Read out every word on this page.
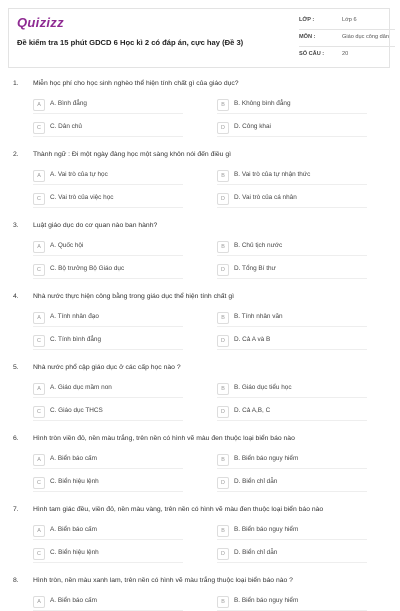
Quizizz
Đề kiểm tra 15 phút GDCD 6 Học kì 2 có đáp án, cực hay (Đề 3)
LỚP :	Lớp 6
MÔN :	Giáo dục công dân
SỐ CÂU :	20
1. Miễn học phí cho học sinh nghèo thể hiện tính chất gì của giáo dục?
A	A. Bình đẳng	B	B. Không bình đẳng
C	C. Dân chủ	D	D. Công khai
2. Thành ngữ : Đi một ngày đàng học một sàng khôn nói đến điều gì
A	A. Vai trò của tự học	B	B. Vai trò của tự nhận thức
C	C. Vai trò của việc học	D	D. Vai trò của cá nhân
3. Luật giáo dục do cơ quan nào ban hành?
A	A. Quốc hội	B	B. Chủ tịch nước
C	C. Bộ trưởng Bộ Giáo dục	D	D. Tổng Bí thư
4. Nhà nước thực hiện công bằng trong giáo dục thể hiện tính chất gì
A	A. Tính nhân đạo	B	B. Tính nhân văn
C	C. Tính bình đẳng	D	D. Cả A và B
5. Nhà nước phổ cập giáo dục ở các cấp học nào ?
A	A. Giáo dục mầm non	B	B. Giáo dục tiểu học
C	C. Giáo dục THCS	D	D. Cả A,B, C
6. Hình tròn viền đỏ, nền màu trắng, trên nền có hình vẽ màu đen thuộc loại biển báo nào
A	A. Biển báo cấm	B	B. Biển báo nguy hiểm
C	C. Biển hiệu lệnh	D	D. Biển chỉ dẫn
7. Hình tam giác đều, viền đỏ, nền màu vàng, trên nền có hình vẽ màu đen thuộc loại biển báo nào
A	A. Biển báo cấm	B	B. Biển báo nguy hiểm
C	C. Biển hiệu lệnh	D	D. Biển chỉ dẫn
8. Hình tròn, nền màu xanh lam, trên nền có hình vẽ màu trắng thuộc loại biển báo nào ?
A	A. Biển báo cấm	B	B. Biển báo nguy hiểm
